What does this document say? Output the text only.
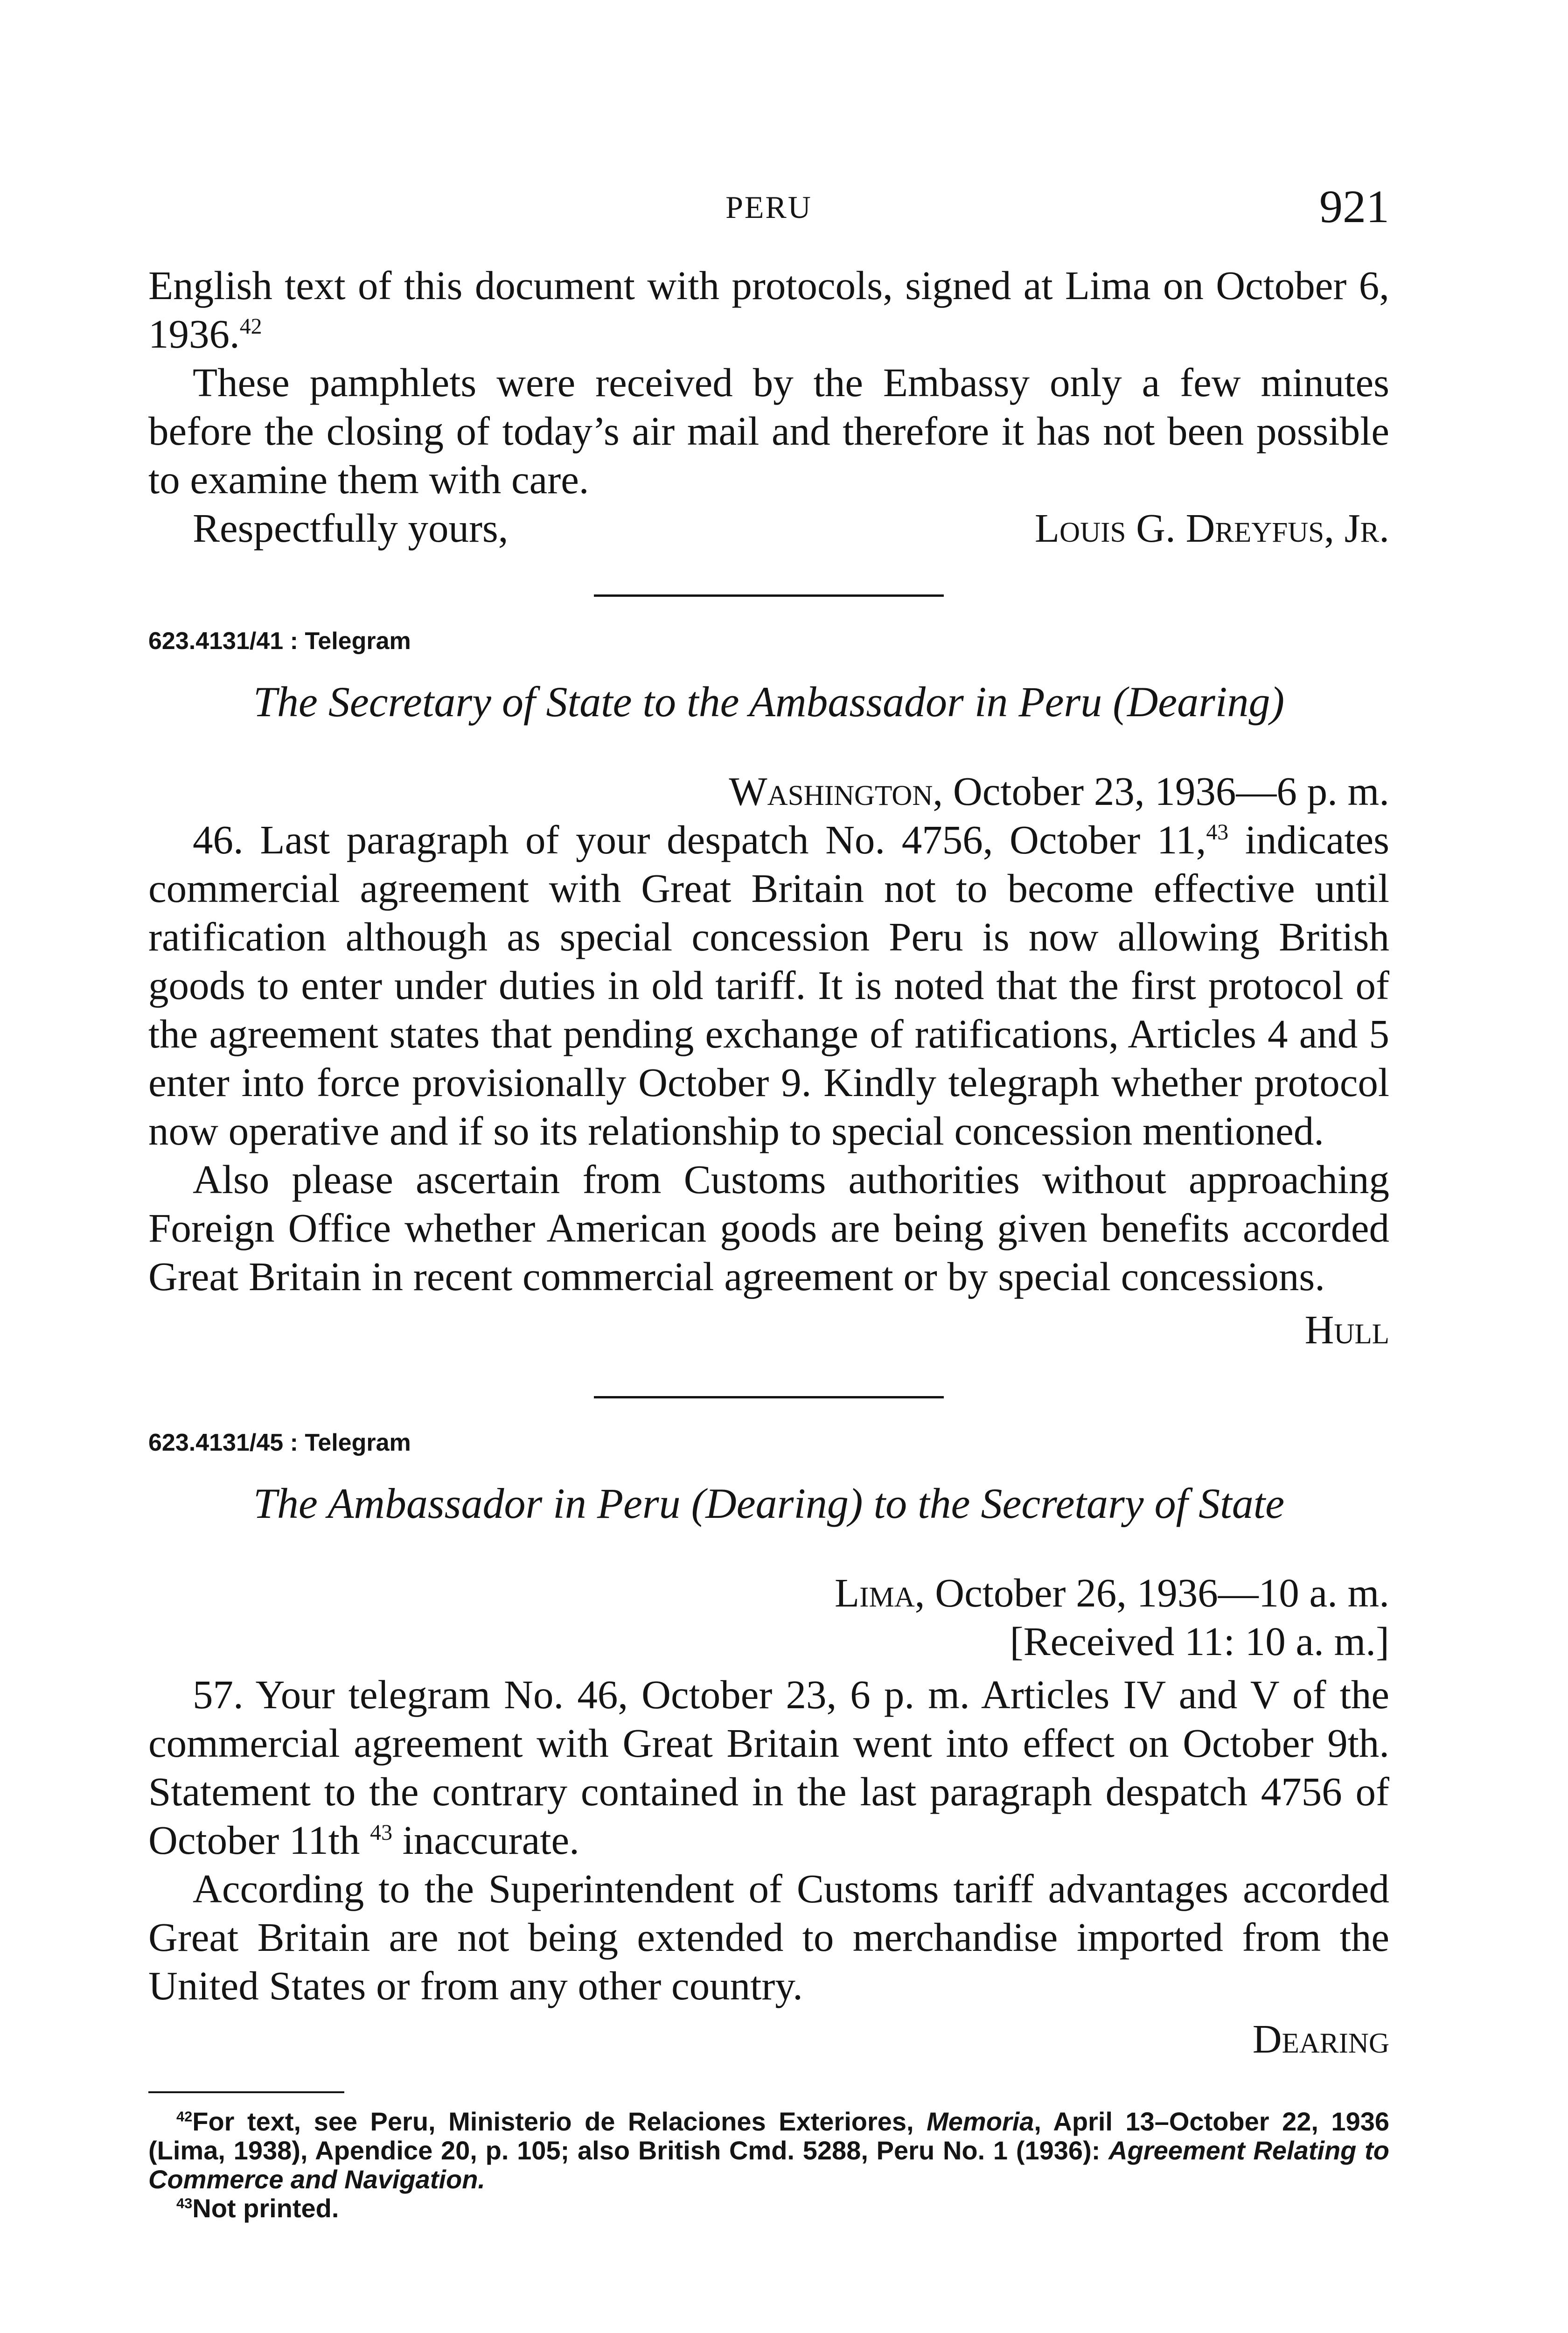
PERU	921

English text of this document with protocols, signed at Lima on October 6, 1936.42

These pamphlets were received by the Embassy only a few minutes before the closing of today’s air mail and therefore it has not been possible to examine them with care.

Respectfully yours,	Louis G. Dreyfus, Jr.
623.4131/41 : Telegram
The Secretary of State to the Ambassador in Peru (Dearing)
Washington, October 23, 1936—6 p. m.

46. Last paragraph of your despatch No. 4756, October 11,43 indicates commercial agreement with Great Britain not to become effective until ratification although as special concession Peru is now allowing British goods to enter under duties in old tariff. It is noted that the first protocol of the agreement states that pending exchange of ratifications, Articles 4 and 5 enter into force provisionally October 9. Kindly telegraph whether protocol now operative and if so its relationship to special concession mentioned.

Also please ascertain from Customs authorities without approaching Foreign Office whether American goods are being given benefits accorded Great Britain in recent commercial agreement or by special concessions.

Hull
623.4131/45 : Telegram
The Ambassador in Peru (Dearing) to the Secretary of State
Lima, October 26, 1936—10 a. m.
[Received 11: 10 a. m.]

57. Your telegram No. 46, October 23, 6 p. m. Articles IV and V of the commercial agreement with Great Britain went into effect on October 9th. Statement to the contrary contained in the last paragraph despatch 4756 of October 11th $^{43}$ inaccurate.

According to the Superintendent of Customs tariff advantages accorded Great Britain are not being extended to merchandise imported from the United States or from any other country.

Dearing

$^{42}$For text, see Peru, Ministerio de Relaciones Exteriores, Memoria, April 13–October 22, 1936 (Lima, 1938), Apendice 20, p. 105; also British Cmd. 5288, Peru No. 1 (1936): Agreement Relating to Commerce and Navigation.

$^{43}$Not printed.
